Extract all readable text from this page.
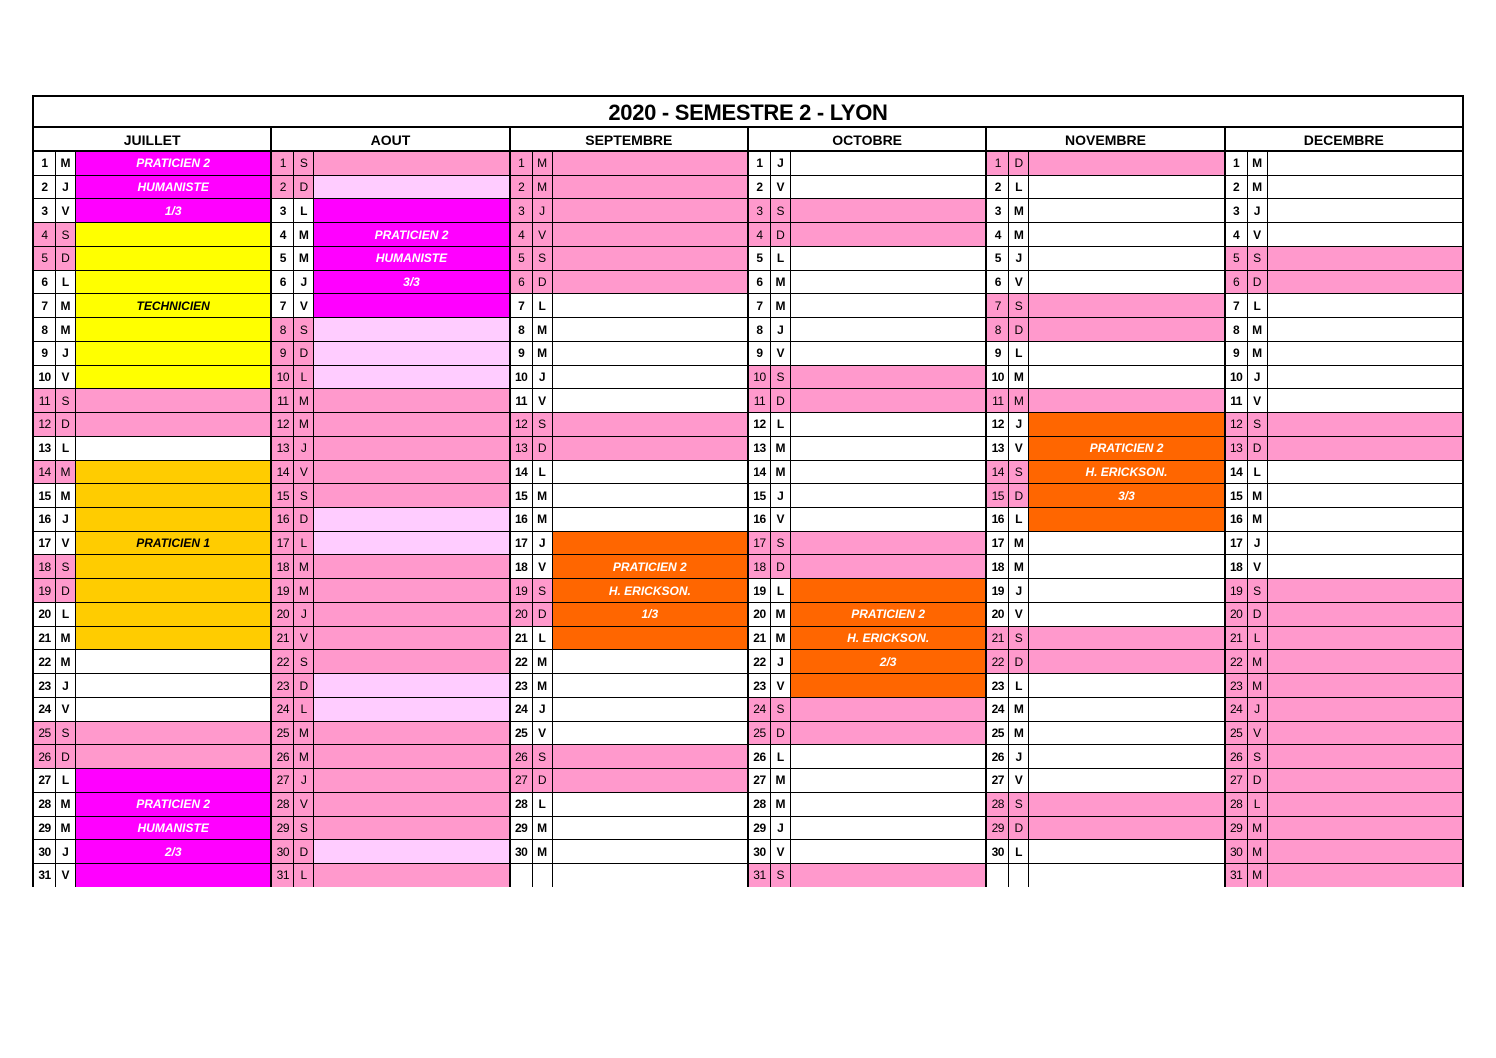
2020 - SEMESTRE 2 - LYON
JUILLET
1	M	PRATICIEN 2
2	J	HUMANISTE
3	V	1/3
4	S
5	D
6	L
7	M	TECHNICIEN
8	M
9	J
10 V
11 S
12 D
13 L
14 M
15 M
16 J
17 V	PRATICIEN 1
18 S
19 D
20 L
21 M
22 M
23 J
24 V
25 S
26 D
27 L
28 M	PRATICIEN 2
29 M	HUMANISTE
30 J	2/3
31 V
AOUT
1	S
2	D
3	L
4	M	PRATICIEN 2
5	M	HUMANISTE
6	J	3/3
7	V
8	S
9	D
10 L
11 M
12 M
13 J
14 V
15 S
16 D
17 L
18 M
19 M
20 J
21 V
22 S
23 D
24 L
25 M
26 M
27 J
28 V
29 S
30 D
31 L
SEPTEMBRE
1	M
2	M
3	J
4	V
5	S
6	D
7	L
8	M
9	M
10 J
11 V
12 S
13 D
14 L
15 M
16 M
17 J
18 V	PRATICIEN 2
19 S	H. ERICKSON.
20 D	1/3
21 L
22 M
23 M
24 J
25 V
26 S
27 D
28 L
29 M
30 M
OCTOBRE
1	J
2	V
3	S
4	D
5	L
6	M
7	M
8	J
9	V
10 S
11 D
12 L
13 M
14 M
15 J
16 V
17 S
18 D
19 L
20 M	PRATICIEN 2
21 M	H. ERICKSON.
22 J	2/3
23 V
24 S
25 D
26 L
27 M
28 M
29 J
30 V
31 S
NOVEMBRE
1	D
2	L
3	M
4	M
5	J
6	V
7	S
8	D
9	L
10 M
11 M
12 J
13 V	PRATICIEN 2
14 S	H. ERICKSON.
15 D	3/3
16 L
17 M
18 M
19 J
20 V
21 S
22 D
23 L
24 M
25 M
26 J
27 V
28 S
29 D
30 L
DECEMBRE
1	M
2	M
3	J
4	V
5	S
6	D
7	L
8	M
9	M
10 J
11 V
12 S
13 D
14 L
15 M
16 M
17 J
18 V
19 S
20 D
21 L
22 M
23 M
24 J
25 V
26 S
27 D
28 L
29 M
30 M
31 M
